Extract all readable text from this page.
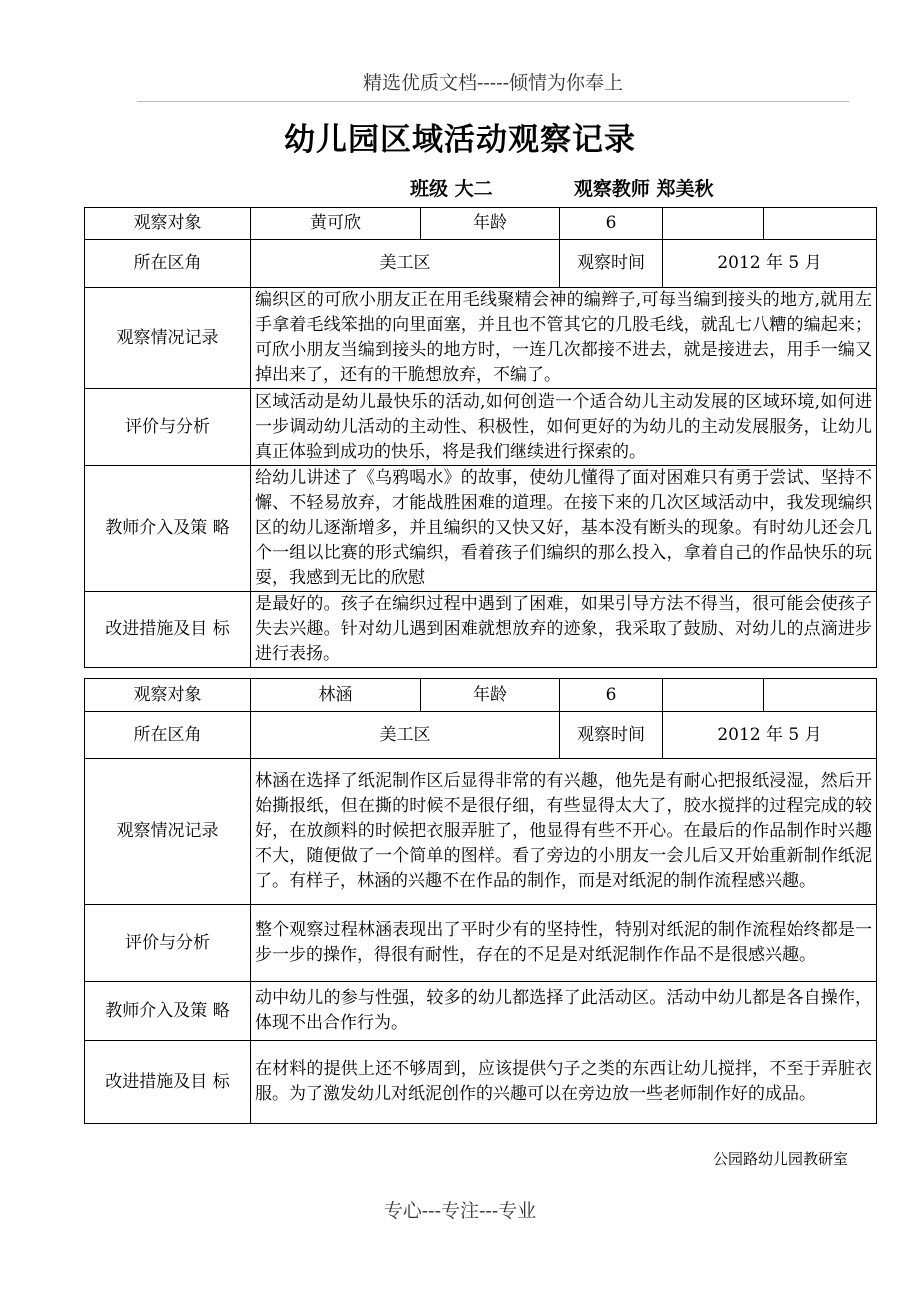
精选优质文档-----倾情为你奉上
幼儿园区域活动观察记录
班级 大二	观察教师 郑美秋
观察对象	黄可欣	年龄	6		
所在区角	美工区		观察时间	2012 年 5 月	
观察情况记录	编织区的可欣小朋友正在用毛线聚精会神的编辫子,可每当编到接头的地方,就用左手拿着毛线笨拙的向里面塞，并且也不管其它的几股毛线，就乱七八糟的编起来；可欣小朋友当编到接头的地方时，一连几次都接不进去，就是接进去，用手一编又掉出来了，还有的干脆想放弃，不编了。				
评价与分析	区域活动是幼儿最快乐的活动,如何创造一个适合幼儿主动发展的区域环境,如何进一步调动幼儿活动的主动性、积极性，如何更好的为幼儿的主动发展服务，让幼儿真正体验到成功的快乐，将是我们继续进行探索的。				
教师介入及策 略	给幼儿讲述了《乌鸦喝水》的故事，使幼儿懂得了面对困难只有勇于尝试、坚持不懈、不轻易放弃，才能战胜困难的道理。在接下来的几次区域活动中，我发现编织区的幼儿逐渐增多，并且编织的又快又好，基本没有断头的现象。有时幼儿还会几个一组以比赛的形式编织，看着孩子们编织的那么投入，拿着自己的作品快乐的玩耍，我感到无比的欣慰				
改进措施及目 标	是最好的。孩子在编织过程中遇到了困难，如果引导方法不得当，很可能会使孩子失去兴趣。针对幼儿遇到困难就想放弃的迹象，我采取了鼓励、对幼儿的点滴进步进行表扬。				
观察对象	林涵	年龄	6		
所在区角	美工区		观察时间	2012 年 5 月	
观察情况记录	林涵在选择了纸泥制作区后显得非常的有兴趣，他先是有耐心把报纸浸湿，然后开始撕报纸，但在撕的时候不是很仔细，有些显得太大了，胶水搅拌的过程完成的较好，在放颜料的时候把衣服弄脏了，他显得有些不开心。在最后的作品制作时兴趣不大，随便做了一个简单的图样。看了旁边的小朋友一会儿后又开始重新制作纸泥了。有样子，林涵的兴趣不在作品的制作，而是对纸泥的制作流程感兴趣。				
评价与分析	整个观察过程林涵表现出了平时少有的坚持性，特别对纸泥的制作流程始终都是一步一步的操作，得很有耐性，存在的不足是对纸泥制作作品不是很感兴趣。				
教师介入及策 略	动中幼儿的参与性强，较多的幼儿都选择了此活动区。活动中幼儿都是各自操作，体现不出合作行为。				
改进措施及目 标	在材料的提供上还不够周到，应该提供勺子之类的东西让幼儿搅拌，不至于弄脏衣服。为了激发幼儿对纸泥创作的兴趣可以在旁边放一些老师制作好的成品。				
公园路幼儿园教研室
专心---专注---专业
